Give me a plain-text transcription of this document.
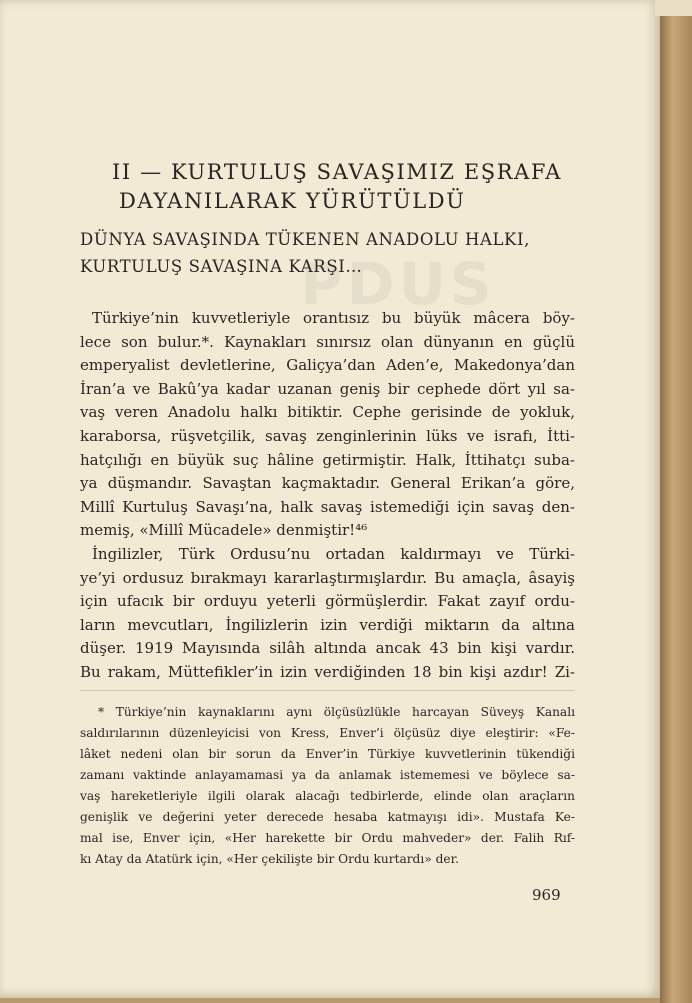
PDUS
II — KURTULUŞ SAVAŞIMIZ EŞRAFA
DAYANILARAK YÜRÜTÜLDÜ
DÜNYA SAVAŞINDA TÜKENEN ANADOLU HALKI,
KURTULUŞ SAVAŞINA KARŞI…
Türkiye’nin kuvvetleriyle orantısız bu büyük mâcera böy-
lece son bulur.*. Kaynakları sınırsız olan dünyanın en güçlü
emperyalist devletlerine, Galiçya’dan Aden’e, Makedonya’dan
İran’a ve Bakû’ya kadar uzanan geniş bir cephede dört yıl sa-
vaş veren Anadolu halkı bitiktir. Cephe gerisinde de yokluk,
karaborsa, rüşvetçilik, savaş zenginlerinin lüks ve israfı, İtti-
hatçılığı en büyük suç hâline getirmiştir. Halk, İttihatçı suba-
ya düşmandır. Savaştan kaçmaktadır. General Erikan’a göre,
Millî Kurtuluş Savaşı’na, halk savaş istemediği için savaş den-
memiş, «Millî Mücadele» denmiştir!⁴⁶
İngilizler, Türk Ordusu’nu ortadan kaldırmayı ve Türki-
ye’yi ordusuz bırakmayı kararlaştırmışlardır. Bu amaçla, âsayiş
için ufacık bir orduyu yeterli görmüşlerdir. Fakat zayıf ordu-
ların mevcutları, İngilizlerin izin verdiği miktarın da altına
düşer. 1919 Mayısında silâh altında ancak 43 bin kişi vardır.
Bu rakam, Müttefikler’in izin verdiğinden 18 bin kişi azdır! Zi-
* Türkiye’nin kaynaklarını aynı ölçüsüzlükle harcayan Süveyş Kanalı
saldırılarının düzenleyicisi von Kress, Enver’i ölçüsüz diye eleştirir: «Fe-
lâket nedeni olan bir sorun da Enver’in Türkiye kuvvetlerinin tükendiği
zamanı vaktinde anlayamamasi ya da anlamak istememesi ve böylece sa-
vaş hareketleriyle ilgili olarak alacağı tedbirlerde, elinde olan araçların
genişlik ve değerini yeter derecede hesaba katmayışı idi». Mustafa Ke-
mal ise, Enver için, «Her harekette bir Ordu mahveder» der. Falih Rıf-
kı Atay da Atatürk için, «Her çekilişte bir Ordu kurtardı» der.
969
